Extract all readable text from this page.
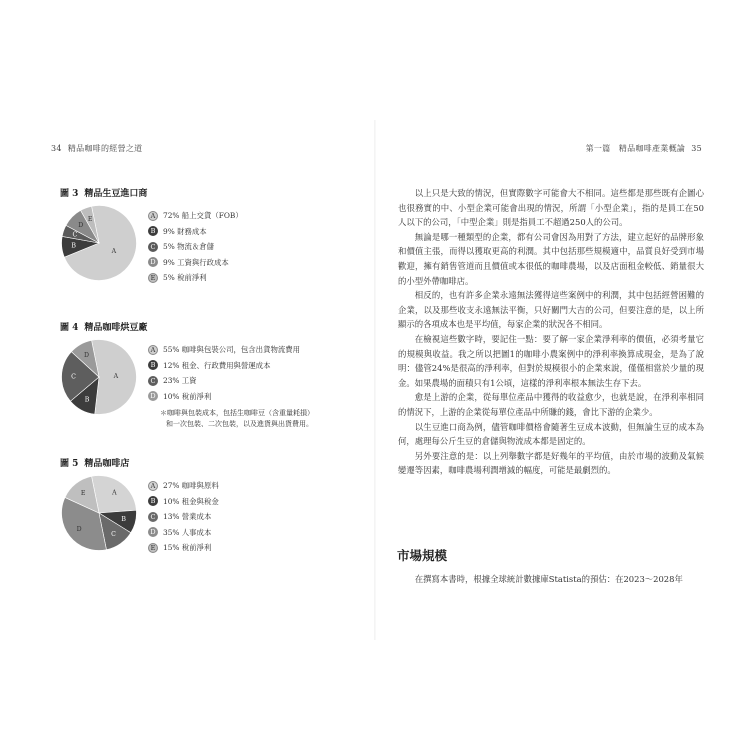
34 精品咖啡的經營之道	第一篇　精品咖啡產業概論 35
圖 3 精品生豆進口商
A
B
C
D
E	A 72% 船上交貨（FOB）
B 9% 財務成本
C 5% 物流＆倉儲
D 9% 工資與行政成本
E 5% 稅前淨利
圖 4 精品咖啡烘豆廠
A
B
C
D
A 55% 咖啡與包裝公司，包含出貨物流費用
B 12% 租金、行政費用與營運成本
C 23% 工資
D 10% 稅前淨利
＊咖啡與包裝成本，包括生咖啡豆（含重量耗損）
和一次包裝、二次包裝，以及進貨與出貨費用。
圖 5 精品咖啡店
A
B
C
D
E
A 27% 咖啡與原料
B 10% 租金與稅金
C 13% 營業成本
D 35% 人事成本
E 15% 稅前淨利

以上只是大致的情況，但實際數字可能會大不相同。這些都是那些既有企圖心也很務實的中、小型企業可能會出現的情況，所謂「小型企業」，指的是員工在50人以下的公司，「中型企業」則是指員工不超過250人的公司。

無論是哪一種類型的企業，都有公司會因為用對了方法，建立起好的品牌形象和價值主張，而得以獲取更高的利潤。其中包括那些規模適中，品質良好受到市場歡迎，擁有銷售管道而且價值或本很低的咖啡農場，以及店面租金較低、銷量很大的小型外帶咖啡店。

相反的，也有許多企業永遠無法獲得這些案例中的利潤，其中包括經營困難的企業，以及那些收支永遠無法平衡，只好關門大吉的公司，但要注意的是，以上所顯示的各項成本也是平均值，每家企業的狀況各不相同。

在檢視這些數字時，要記住一點：要了解一家企業淨利率的價值，必須考量它的規模與收益。我之所以把圖1的咖啡小農案例中的淨利率換算成現金，是為了說明：儘管24%是很高的淨利率，但對於規模很小的企業來說，僅僅相當於少量的現金。如果農場的面積只有1公頃，這樣的淨利率根本無法生存下去。

愈是上游的企業，從每單位產品中獲得的收益愈少，也就是說，在淨利率相同的情況下，上游的企業從每單位產品中所賺的錢，會比下游的企業少。

以生豆進口商為例，儘管咖啡價格會隨著生豆成本波動，但無論生豆的成本為何，處理每公斤生豆的倉儲與物流成本都是固定的。

另外要注意的是：以上列舉數字都是好幾年的平均值，由於市場的波動及氣候變遷等因素，咖啡農場利潤增減的幅度，可能是最劇烈的。

市場規模
在撰寫本書時，根據全球統計數據庫Statista的預估：在2023～2028年
